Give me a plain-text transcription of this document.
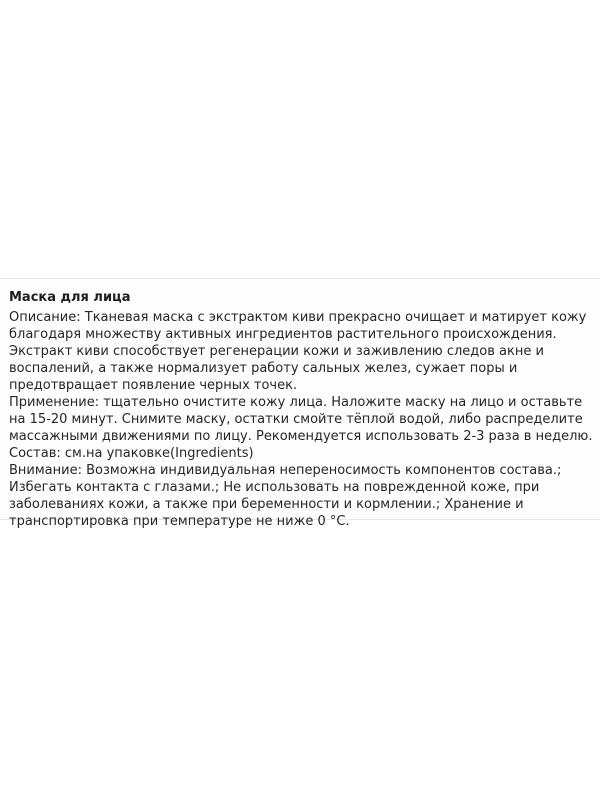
Маска для лица

Описание: Тканевая маска с экстрактом киви прекрасно очищает и матирует кожу благодаря множеству активных ингредиентов растительного происхождения. Экстракт киви способствует регенерации кожи и заживлению следов акне и воспалений, а также нормализует работу сальных желез, сужает поры и предотвращает появление черных точек.

Применение: тщательно очистите кожу лица. Наложите маску на лицо и оставьте на 15-20 минут. Снимите маску, остатки смойте тёплой водой, либо распределите массажными движениями по лицу. Рекомендуется использовать 2-3 раза в неделю.

Состав: см.на упаковке(Ingredients)

Внимание: Возможна индивидуальная непереносимость компонентов состава.; Избегать контакта с глазами.; Не использовать на поврежденной коже, при заболеваниях кожи, а также при беременности и кормлении.; Хранение и транспортировка при температуре не ниже 0 °С.
